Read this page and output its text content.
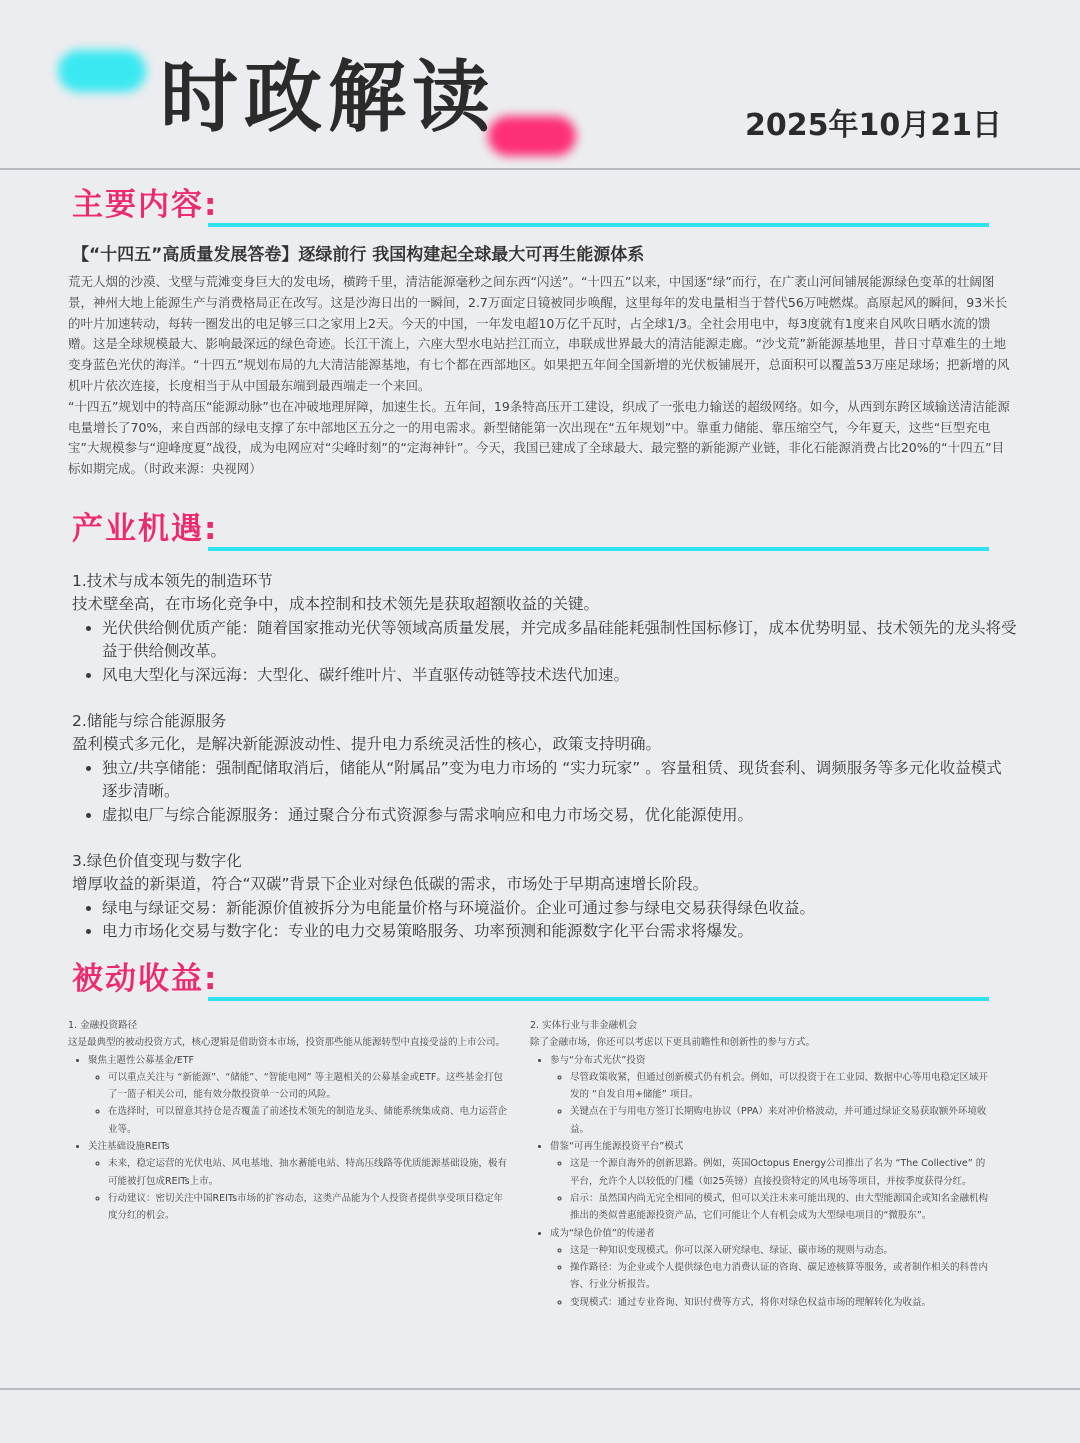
时政解读	2025年10月21日
主要内容:
【“十四五”高质量发展答卷】逐绿前行 我国构建起全球最大可再生能源体系

荒无人烟的沙漠、戈壁与荒滩变身巨大的发电场，横跨千里，清洁能源毫秒之间东西“闪送”。“十四五”以来，中国逐“绿”而行，在广袤山河间铺展能源绿色变革的壮阔图景，神州大地上能源生产与消费格局正在改写。这是沙海日出的一瞬间，2.7万面定日镜被同步唤醒，这里每年的发电量相当于替代56万吨燃煤。高原起风的瞬间，93米长的叶片加速转动，每转一圈发出的电足够三口之家用上2天。今天的中国，一年发电超10万亿千瓦时，占全球1/3。全社会用电中，每3度就有1度来自风吹日晒水流的馈赠。这是全球规模最大、影响最深远的绿色奇迹。长江干流上，六座大型水电站拦江而立，串联成世界最大的清洁能源走廊。“沙戈荒”新能源基地里，昔日寸草难生的土地变身蓝色光伏的海洋。“十四五”规划布局的九大清洁能源基地，有七个都在西部地区。如果把五年间全国新增的光伏板铺展开，总面积可以覆盖53万座足球场；把新增的风机叶片依次连接，长度相当于从中国最东端到最西端走一个来回。

“十四五”规划中的特高压“能源动脉”也在冲破地理屏障，加速生长。五年间，19条特高压开工建设，织成了一张电力输送的超级网络。如今，从西到东跨区域输送清洁能源电量增长了70%，来自西部的绿电支撑了东中部地区五分之一的用电需求。新型储能第一次出现在“五年规划”中。靠重力储能、靠压缩空气，今年夏天，这些“巨型充电宝”大规模参与“迎峰度夏”战役，成为电网应对“尖峰时刻”的“定海神针”。今天，我国已建成了全球最大、最完整的新能源产业链，非化石能源消费占比20%的“十四五”目标如期完成。（时政来源：央视网）

产业机遇:

1.技术与成本领先的制造环节

技术壁垒高，在市场化竞争中，成本控制和技术领先是获取超额收益的关键。

• 光伏供给侧优质产能：随着国家推动光伏等领域高质量发展，并完成多晶硅能耗强制性国标修订，成本优势明显、技术领先的龙头将受益于供给侧改革。
• 风电大型化与深远海：大型化、碳纤维叶片、半直驱传动链等技术迭代加速。

2.储能与综合能源服务

盈利模式多元化，是解决新能源波动性、提升电力系统灵活性的核心，政策支持明确。

• 独立/共享储能：强制配储取消后，储能从“附属品”变为电力市场的 “实力玩家” 。容量租赁、现货套利、调频服务等多元化收益模式逐步清晰。
• 虚拟电厂与综合能源服务：通过聚合分布式资源参与需求响应和电力市场交易，优化能源使用。

3.绿色价值变现与数字化

增厚收益的新渠道，符合“双碳”背景下企业对绿色低碳的需求，市场处于早期高速增长阶段。

• 绿电与绿证交易：新能源价值被拆分为电能量价格与环境溢价。企业可通过参与绿电交易获得绿色收益。
• 电力市场化交易与数字化：专业的电力交易策略服务、功率预测和能源数字化平台需求将爆发。
被动收益:

1. 金融投资路径

这是最典型的被动投资方式，核心逻辑是借助资本市场，投资那些能从能源转型中直接受益的上市公司。

• 聚焦主题性公募基金/ETF
◦ 可以重点关注与 “新能源”、“储能”、“智能电网” 等主题相关的公募基金或ETF。这些基金打包了一篮子相关公司，能有效分散投资单一公司的风险。
◦ 在选择时，可以留意其持仓是否覆盖了前述技术领先的制造龙头、储能系统集成商、电力运营企业等。
• 关注基础设施REITs
◦ 未来，稳定运营的光伏电站、风电基地、抽水蓄能电站、特高压线路等优质能源基础设施，极有可能被打包成REITs上市。
◦ 行动建议：密切关注中国REITs市场的扩容动态，这类产品能为个人投资者提供享受项目稳定年度分红的机会。

2. 实体行业与非金融机会

除了金融市场，你还可以考虑以下更具前瞻性和创新性的参与方式。

• 参与“分布式光伏”投资
◦ 尽管政策收紧，但通过创新模式仍有机会。例如，可以投资于在工业园、数据中心等用电稳定区域开发的 “自发自用+储能” 项目。
◦ 关键点在于与用电方签订长期购电协议（PPA）来对冲价格波动，并可通过绿证交易获取额外环境收益。
• 借鉴“可再生能源投资平台”模式
◦ 这是一个源自海外的创新思路。例如，英国Octopus Energy公司推出了名为 “The Collective” 的平台，允许个人以较低的门槛（如25英镑）直接投资特定的风电场等项目，并按季度获得分红。
◦ 启示：虽然国内尚无完全相同的模式，但可以关注未来可能出现的、由大型能源国企或知名金融机构推出的类似普惠能源投资产品，它们可能让个人有机会成为大型绿电项目的“微股东”。
• 成为“绿色价值”的传递者
◦ 这是一种知识变现模式。你可以深入研究绿电、绿证、碳市场的规则与动态。
◦ 操作路径：为企业或个人提供绿色电力消费认证的咨询、碳足迹核算等服务，或者制作相关的科普内容、行业分析报告。
◦ 变现模式：通过专业咨询、知识付费等方式，将你对绿色权益市场的理解转化为收益。
